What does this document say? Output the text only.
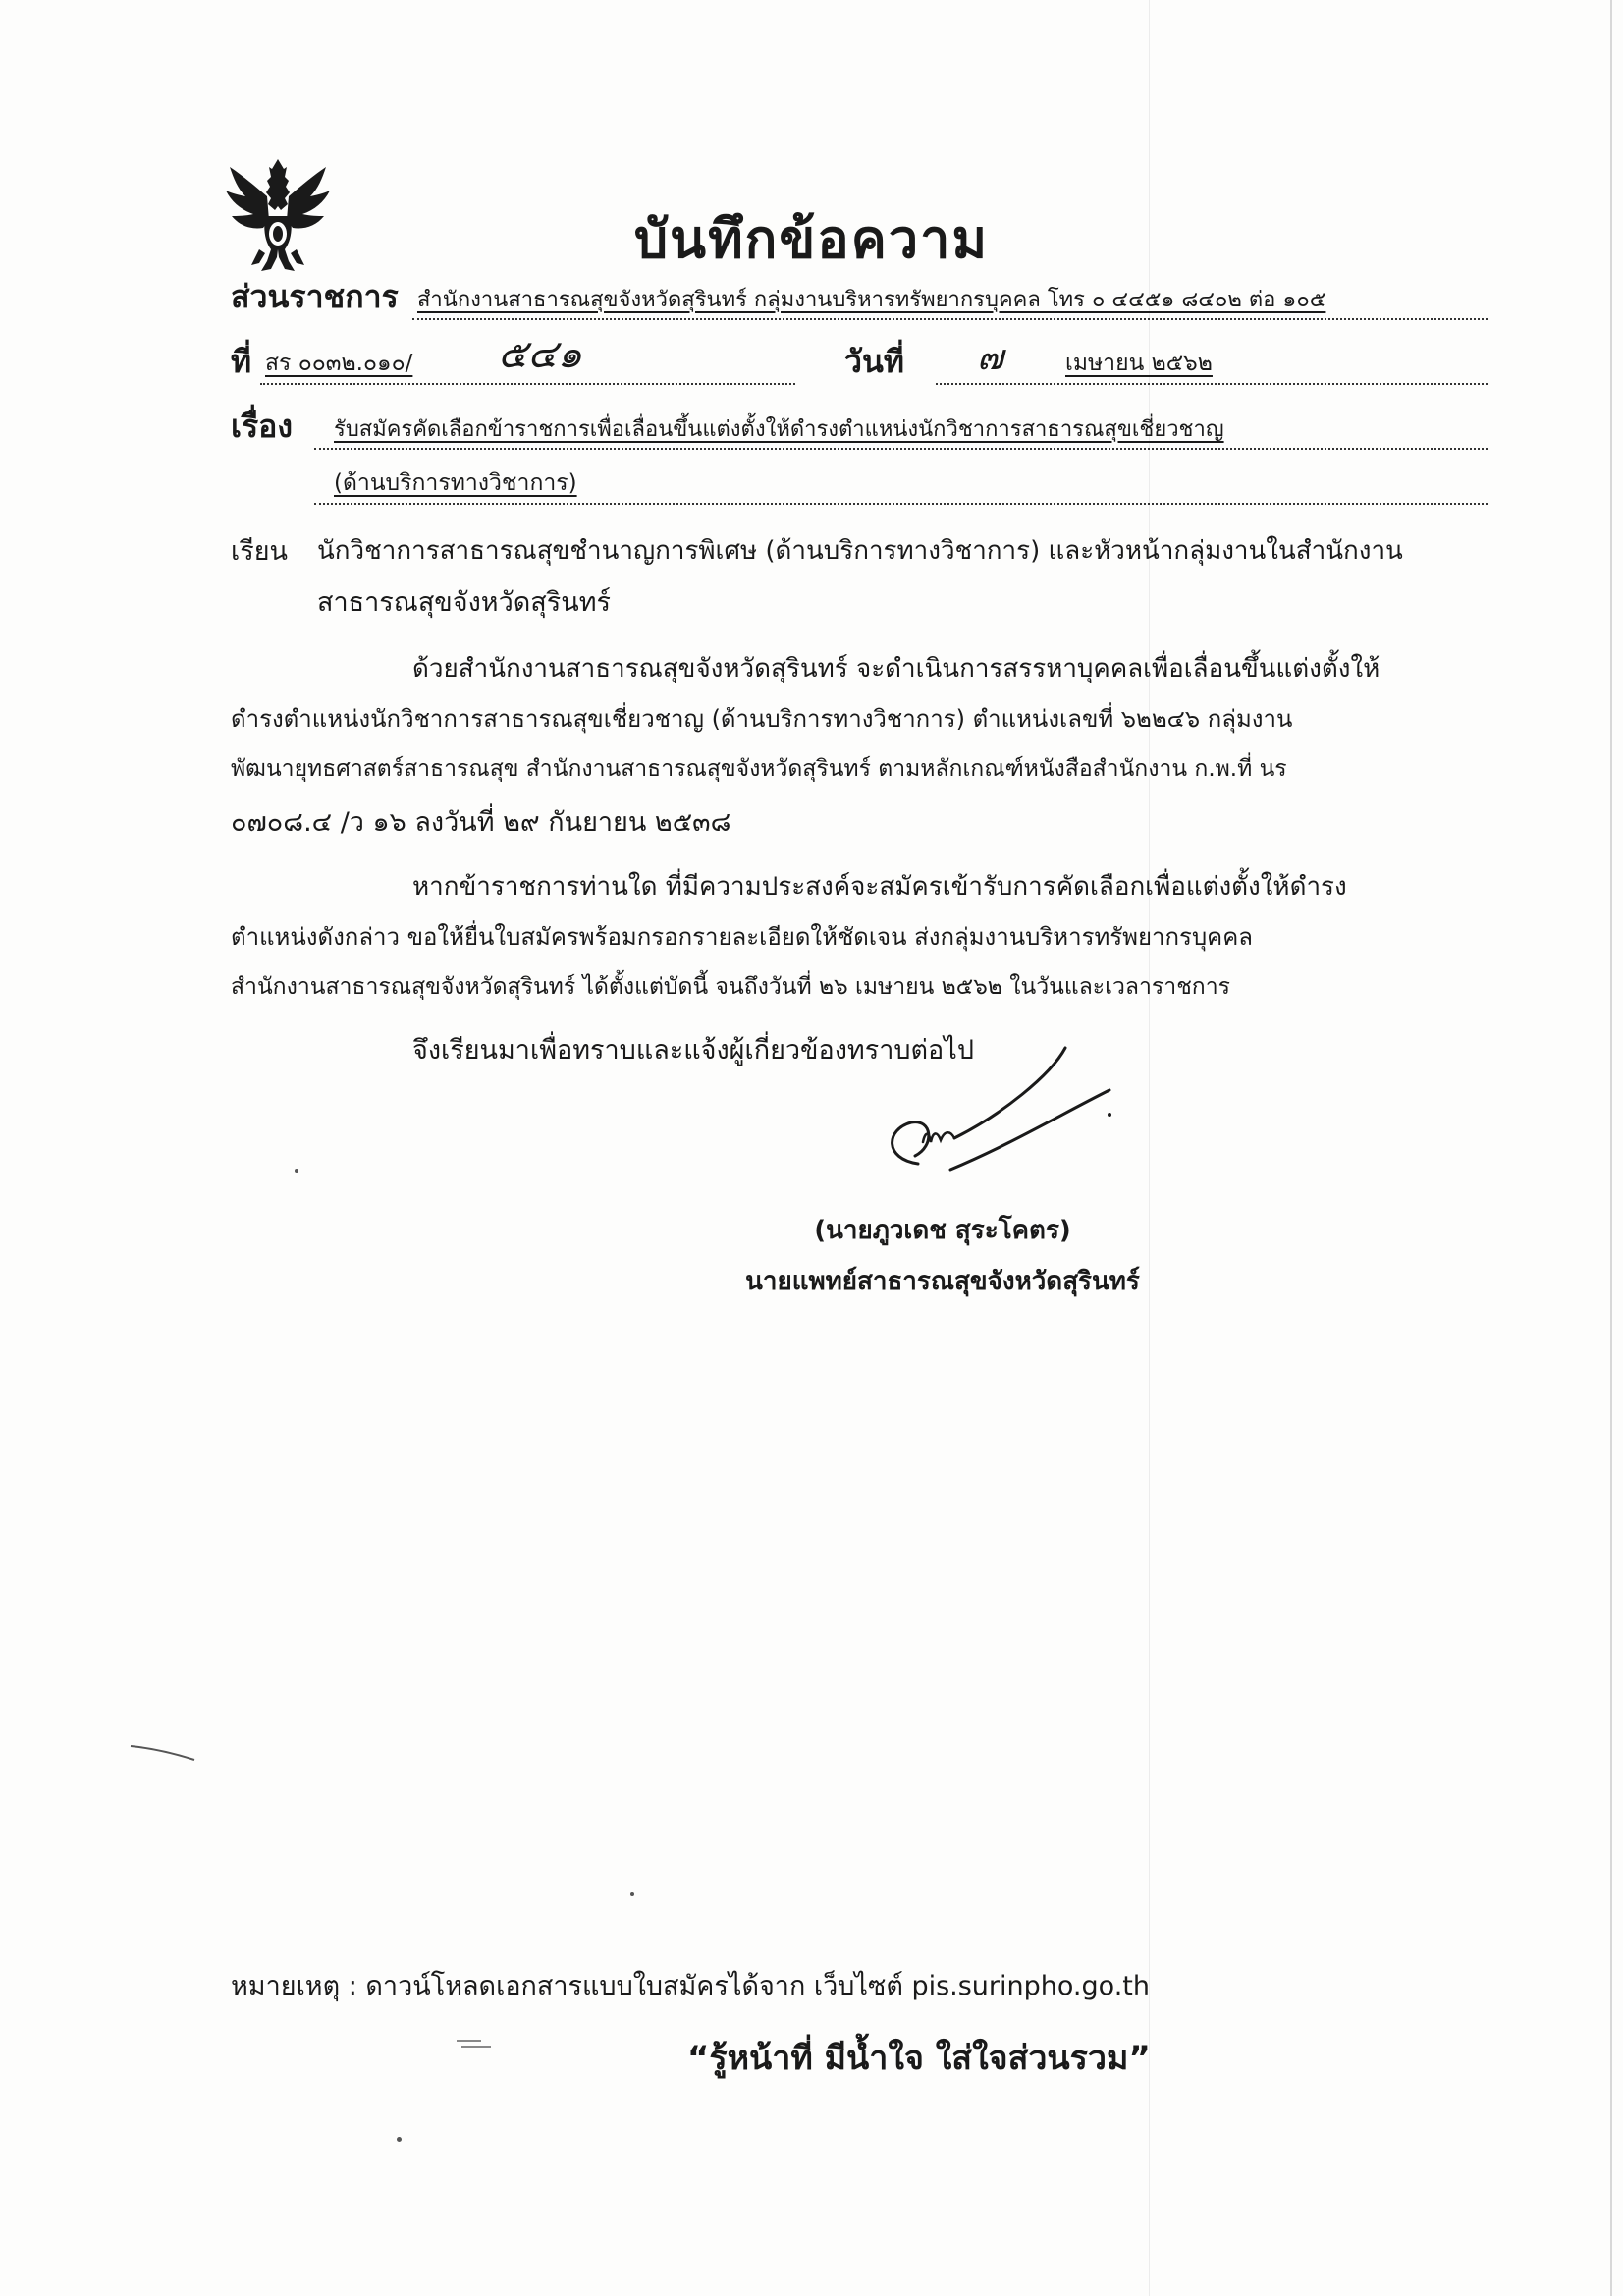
บันทึกข้อความ
ส่วนราชการ สำนักงานสาธารณสุขจังหวัดสุรินทร์ กลุ่มงานบริหารทรัพยากรบุคคล โทร ๐ ๔๔๕๑ ๘๔๐๒ ต่อ ๑๐๕
ที่ สร ๐๐๓๒.๐๑๐/ ๕๔๑	วันที่ ๗	เมษายน ๒๕๖๒
เรื่อง รับสมัครคัดเลือกข้าราชการเพื่อเลื่อนขึ้นแต่งตั้งให้ดำรงตำแหน่งนักวิชาการสาธารณสุขเชี่ยวชาญ
(ด้านบริการทางวิชาการ)
เรียน นักวิชาการสาธารณสุขชำนาญการพิเศษ (ด้านบริการทางวิชาการ) และหัวหน้ากลุ่มงานในสำนักงาน
สาธารณสุขจังหวัดสุรินทร์
ด้วยสำนักงานสาธารณสุขจังหวัดสุรินทร์ จะดำเนินการสรรหาบุคคลเพื่อเลื่อนขึ้นแต่งตั้งให้
ดำรงตำแหน่งนักวิชาการสาธารณสุขเชี่ยวชาญ (ด้านบริการทางวิชาการ) ตำแหน่งเลขที่ ๖๒๒๔๖ กลุ่มงาน
พัฒนายุทธศาสตร์สาธารณสุข สำนักงานสาธารณสุขจังหวัดสุรินทร์ ตามหลักเกณฑ์หนังสือสำนักงาน ก.พ.ที่ นร
๐๗๐๘.๔ /ว ๑๖ ลงวันที่ ๒๙ กันยายน ๒๕๓๘
หากข้าราชการท่านใด ที่มีความประสงค์จะสมัครเข้ารับการคัดเลือกเพื่อแต่งตั้งให้ดำรง
ตำแหน่งดังกล่าว ขอให้ยื่นใบสมัครพร้อมกรอกรายละเอียดให้ชัดเจน ส่งกลุ่มงานบริหารทรัพยากรบุคคล
สำนักงานสาธารณสุขจังหวัดสุรินทร์ ได้ตั้งแต่บัดนี้ จนถึงวันที่ ๒๖ เมษายน ๒๕๖๒ ในวันและเวลาราชการ
จึงเรียนมาเพื่อทราบและแจ้งผู้เกี่ยวข้องทราบต่อไป
(นายภูวเดช สุระโคตร)
นายแพทย์สาธารณสุขจังหวัดสุรินทร์
หมายเหตุ : ดาวน์โหลดเอกสารแบบใบสมัครได้จาก เว็บไซต์ pis.surinpho.go.th
“รู้หน้าที่ มีน้ำใจ ใส่ใจส่วนรวม”
